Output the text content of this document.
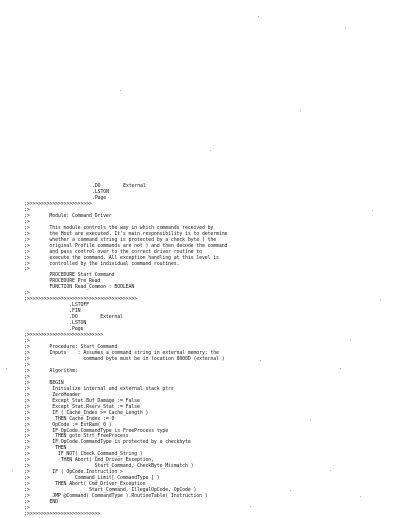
.DO        External
.LSTON
.Page
;>>>>>>>>>>>>>>>>>>>>>>>
;>
;>       Module: Command_Driver
;>
;>       This module controls the way in which commands received by
;>       the Host are executed. It's main responsibility is to determine
;>       whether a command string is protected by a check byte ( the
;>       original Profile commands are not ) and then decode the command
;>       and pass control over to the correct driver routine to
;>       execute the command. All exception handling at this level is
;>       controlled by the individual command routines.
;>
PROCEDURE Start_Command
PROCEDURE Pre_Read
FUNCTION Read_Common : BOOLEAN
;>
;>>>>>>>>>>>>>>>>>>>>>>>>>>>>>>>>>>>>>>>
.LSTOFF
.FIN
.DO        External
.LSTON
.Page
;>>>>>>>>>>>>>>>>>>>>>>>>>>>
;>
;>       Procedure: Start_Command
;>       Inputs    : Assumes a command string in external memory; the
;>                   command byte must be in location 8000D (external )
;>
;>       Algorithm:
;>
;>       BEGIN
;>        Initialize internal and external stack ptrs
;>        ZeroHeader
;>        Except_Stat.Buf_Damage := False
;>        Except_Stat.Rserv_Stat := False
;>        IF ( Cache_Index >= Cache_Length )
;>         THEN Cache_Index := 0
;>        OpCode := ExtRam( 0 )
;>        IF OpCode.CommandType is FreeProcess type
;>         THEN goto Strt_FreeProcess
;>        IF OpCode.CommandType is protected by a checkbyte
;>         THEN
;>          IF NOT( Check_Command_String )
;>           THEN Abort( Cmd_Driver_Exception,
;>                       Start_Command, CheckByte_Mismatch )
;>        IF ( OpCode.Instruction >
;>                Command_Limit[ CommandType ] )
;>         THEN Abort( Cmd_Driver_Exception
;>                     Start_Command, IllegalOpCode, OpCode )
;>        JMP @Command( CommandType ).RoutineTable( Instruction )
;>       END
;>
;>>>>>>>>>>>>>>>>>>>>>>>>>>
